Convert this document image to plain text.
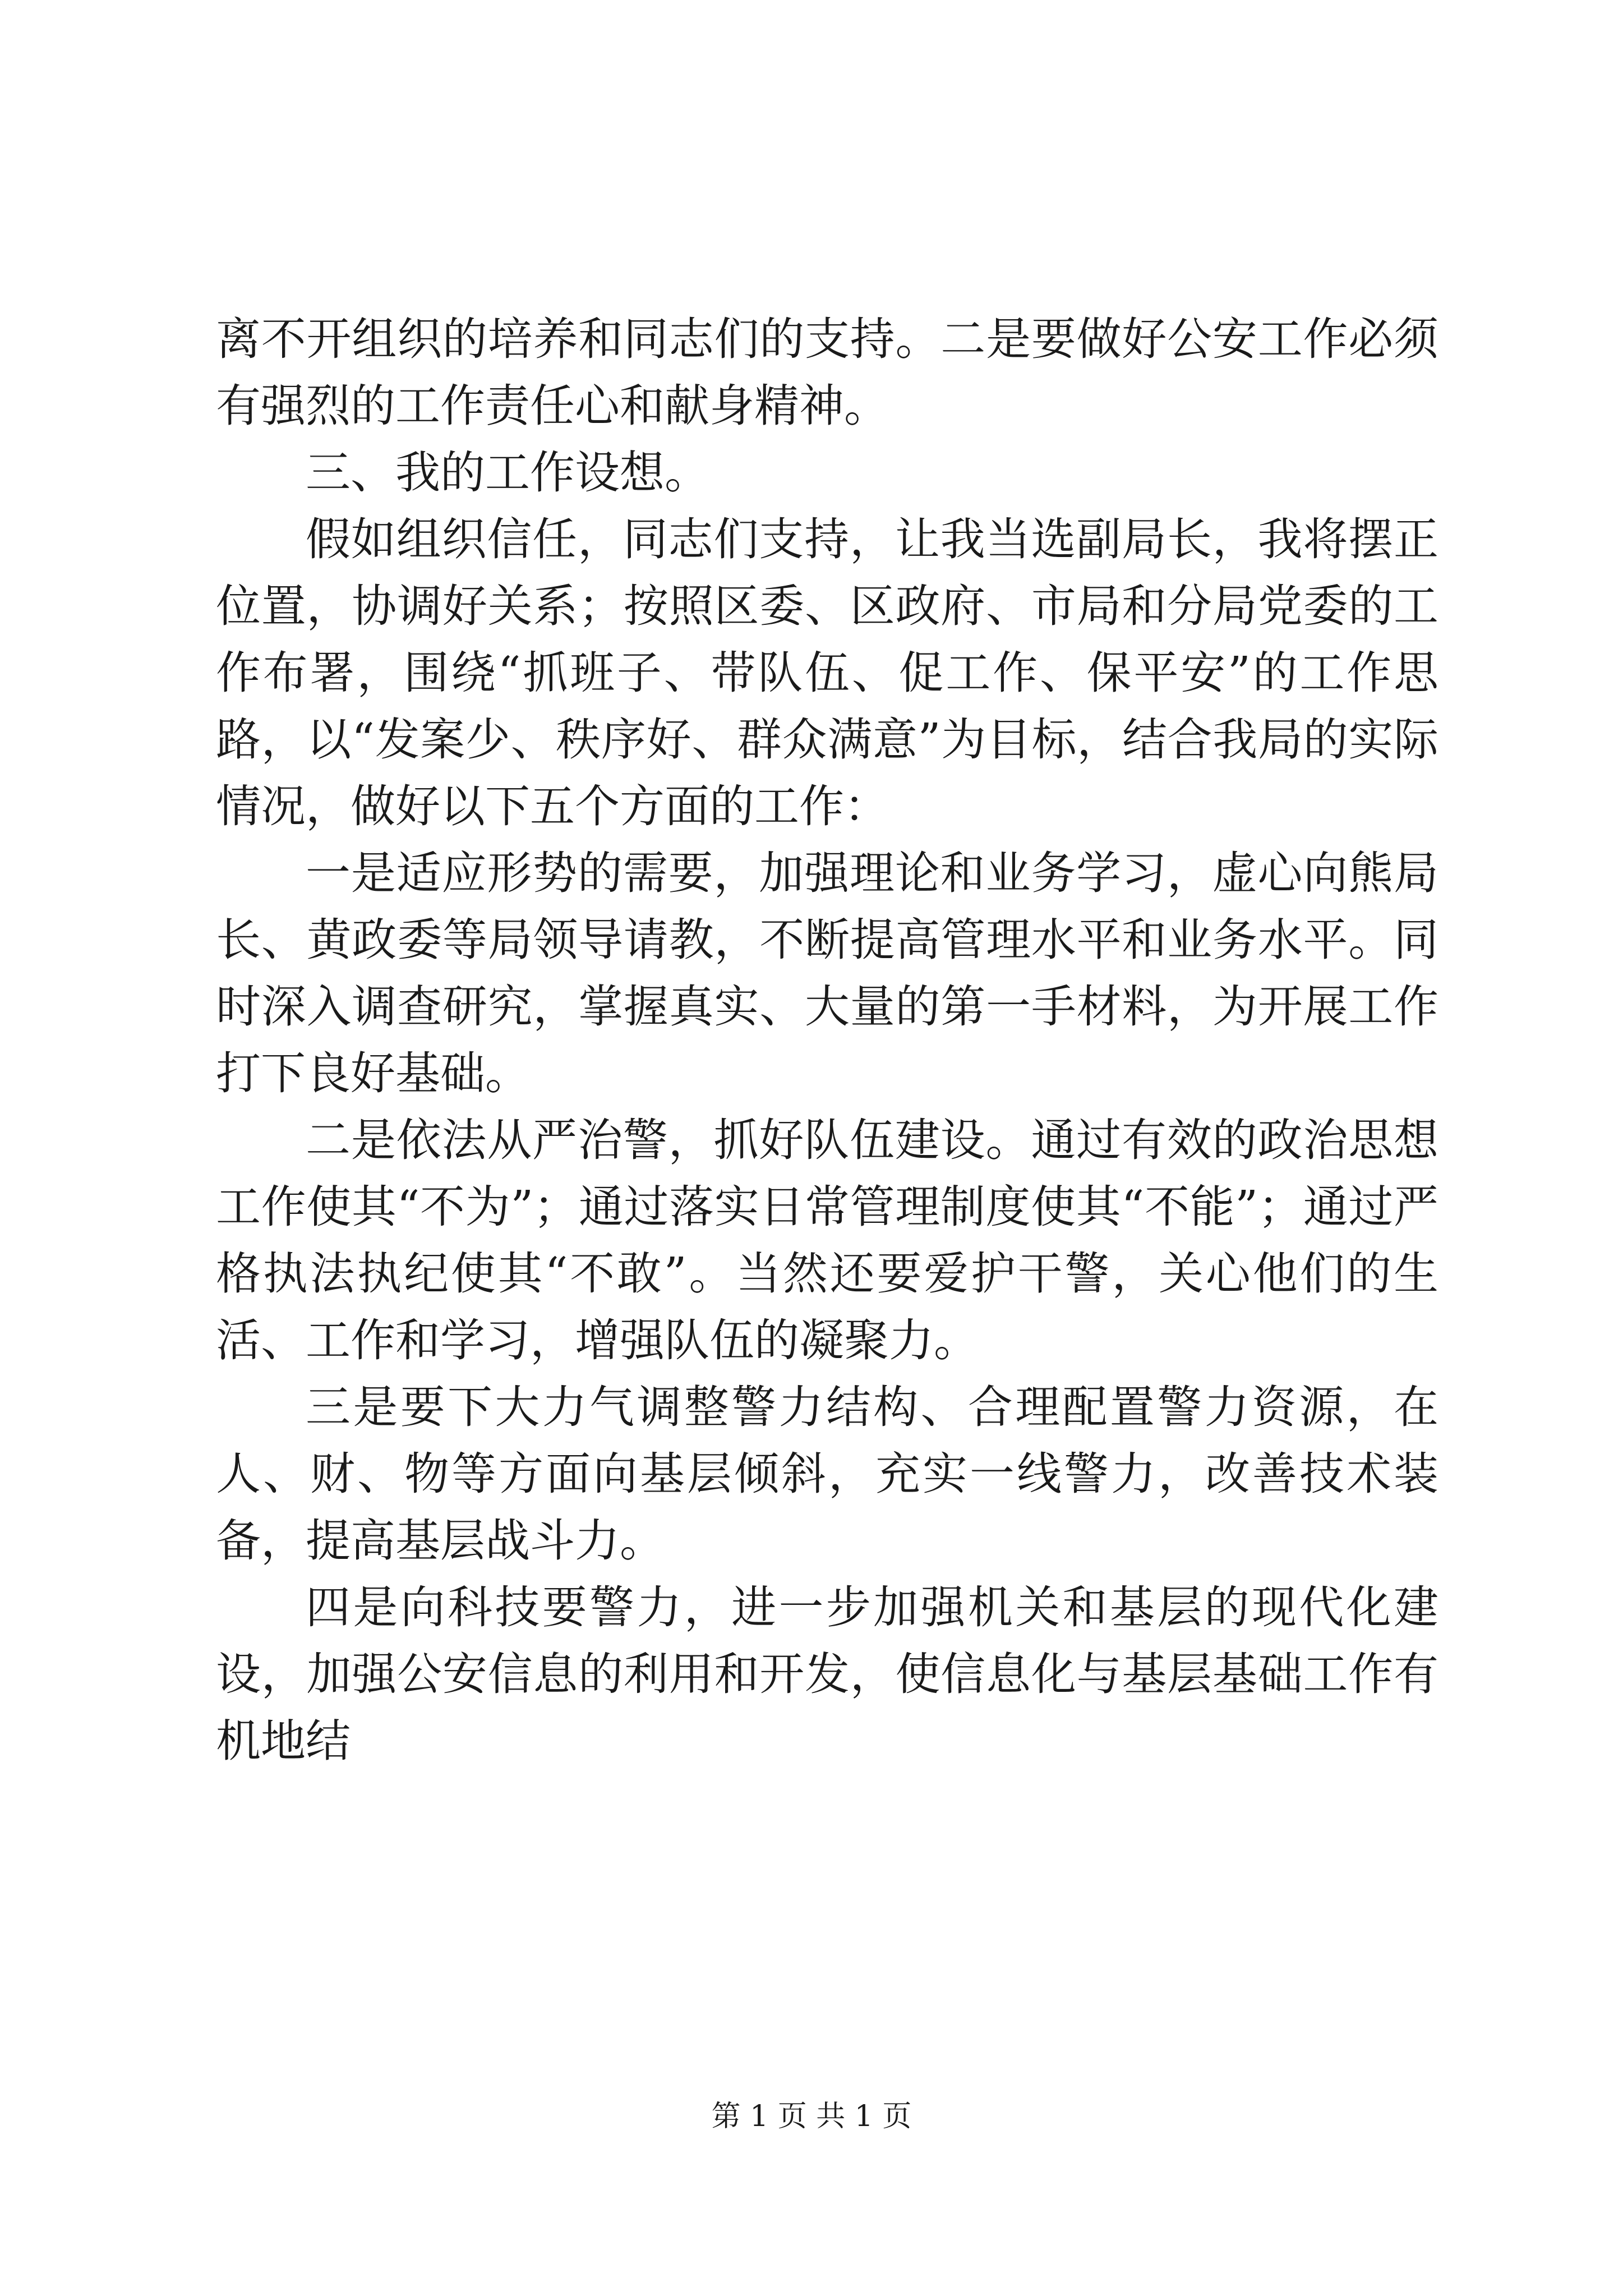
离不开组织的培养和同志们的支持。二是要做好公安工作必须有强烈的工作责任心和献身精神。

三、我的工作设想。

假如组织信任，同志们支持，让我当选副局长，我将摆正位置，协调好关系；按照区委、区政府、市局和分局党委的工作布署，围绕“抓班子、带队伍、促工作、保平安”的工作思路，以“发案少、秩序好、群众满意”为目标，结合我局的实际情况，做好以下五个方面的工作：

一是适应形势的需要，加强理论和业务学习，虚心向熊局长、黄政委等局领导请教，不断提高管理水平和业务水平。同时深入调查研究，掌握真实、大量的第一手材料，为开展工作打下良好基础。

二是依法从严治警，抓好队伍建设。通过有效的政治思想工作使其“不为”；通过落实日常管理制度使其“不能”；通过严格执法执纪使其“不敢”。当然还要爱护干警，关心他们的生活、工作和学习，增强队伍的凝聚力。

三是要下大力气调整警力结构、合理配置警力资源，在人、财、物等方面向基层倾斜，充实一线警力，改善技术装备，提高基层战斗力。

四是向科技要警力，进一步加强机关和基层的现代化建设，加强公安信息的利用和开发，使信息化与基层基础工作有机地结

第 1 页 共 1 页
